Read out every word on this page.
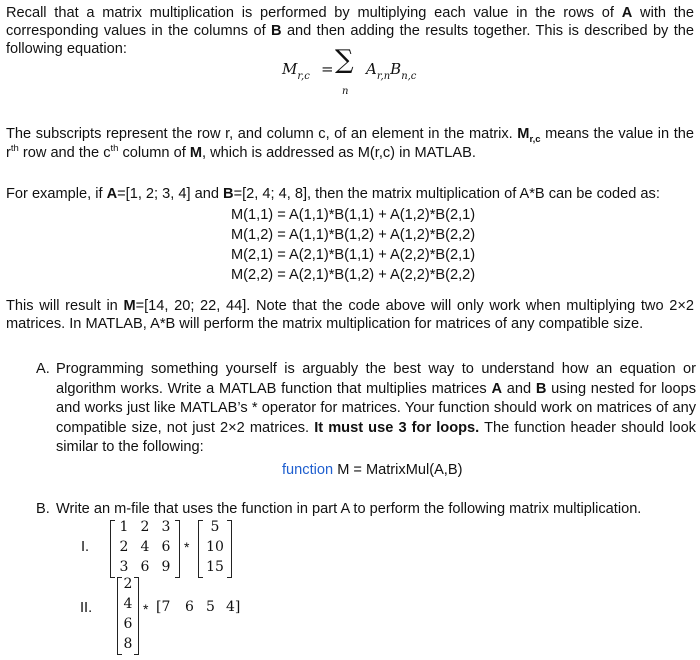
Recall that a matrix multiplication is performed by multiplying each value in the rows of A with the

corresponding values in the columns of B and then adding the results together. This is described by the

following equation:

$M_{r,c}$ = ∑
n
$A_{r,n}B_{n,c}$

The subscripts represent the row r, and column c, of an element in the matrix. $M_{r,c}$ means the value in the

$r^{th}$ row and the $c^{th}$ column of M, which is addressed as M(r,c) in MATLAB.

For example, if A=[1, 2; 3, 4] and B=[2, 4; 4, 8], then the matrix multiplication of A*B can be coded as:

M(1,1) = A(1,1)*B(1,1) + A(1,2)*B(2,1)
M(1,2) = A(1,1)*B(1,2) + A(1,2)*B(2,2)
M(2,1) = A(2,1)*B(1,1) + A(2,2)*B(2,1)
M(2,2) = A(2,1)*B(1,2) + A(2,2)*B(2,2)

This will result in M=[14, 20; 22, 44]. Note that the code above will only work when multiplying two 2×2

matrices. In MATLAB, A*B will perform the matrix multiplication for matrices of any compatible size.

A. Programming something yourself is arguably the best way to understand how an equation or algorithm works. Write a MATLAB function that multiplies matrices A and B using nested for loops and works just like MATLAB’s * operator for matrices. Your function should work on matrices of any compatible size, not just 2×2 matrices. It must use 3 for loops. The function header should look similar to the following:

function M = MatrixMul(A,B)
B. Write an m-file that uses the function in part A to perform the following matrix multiplication.

I.
1 2 3
2 4 6
3 6 9
*
5
10
15
II.
2
4
6
8
* [7 6 5 4]
